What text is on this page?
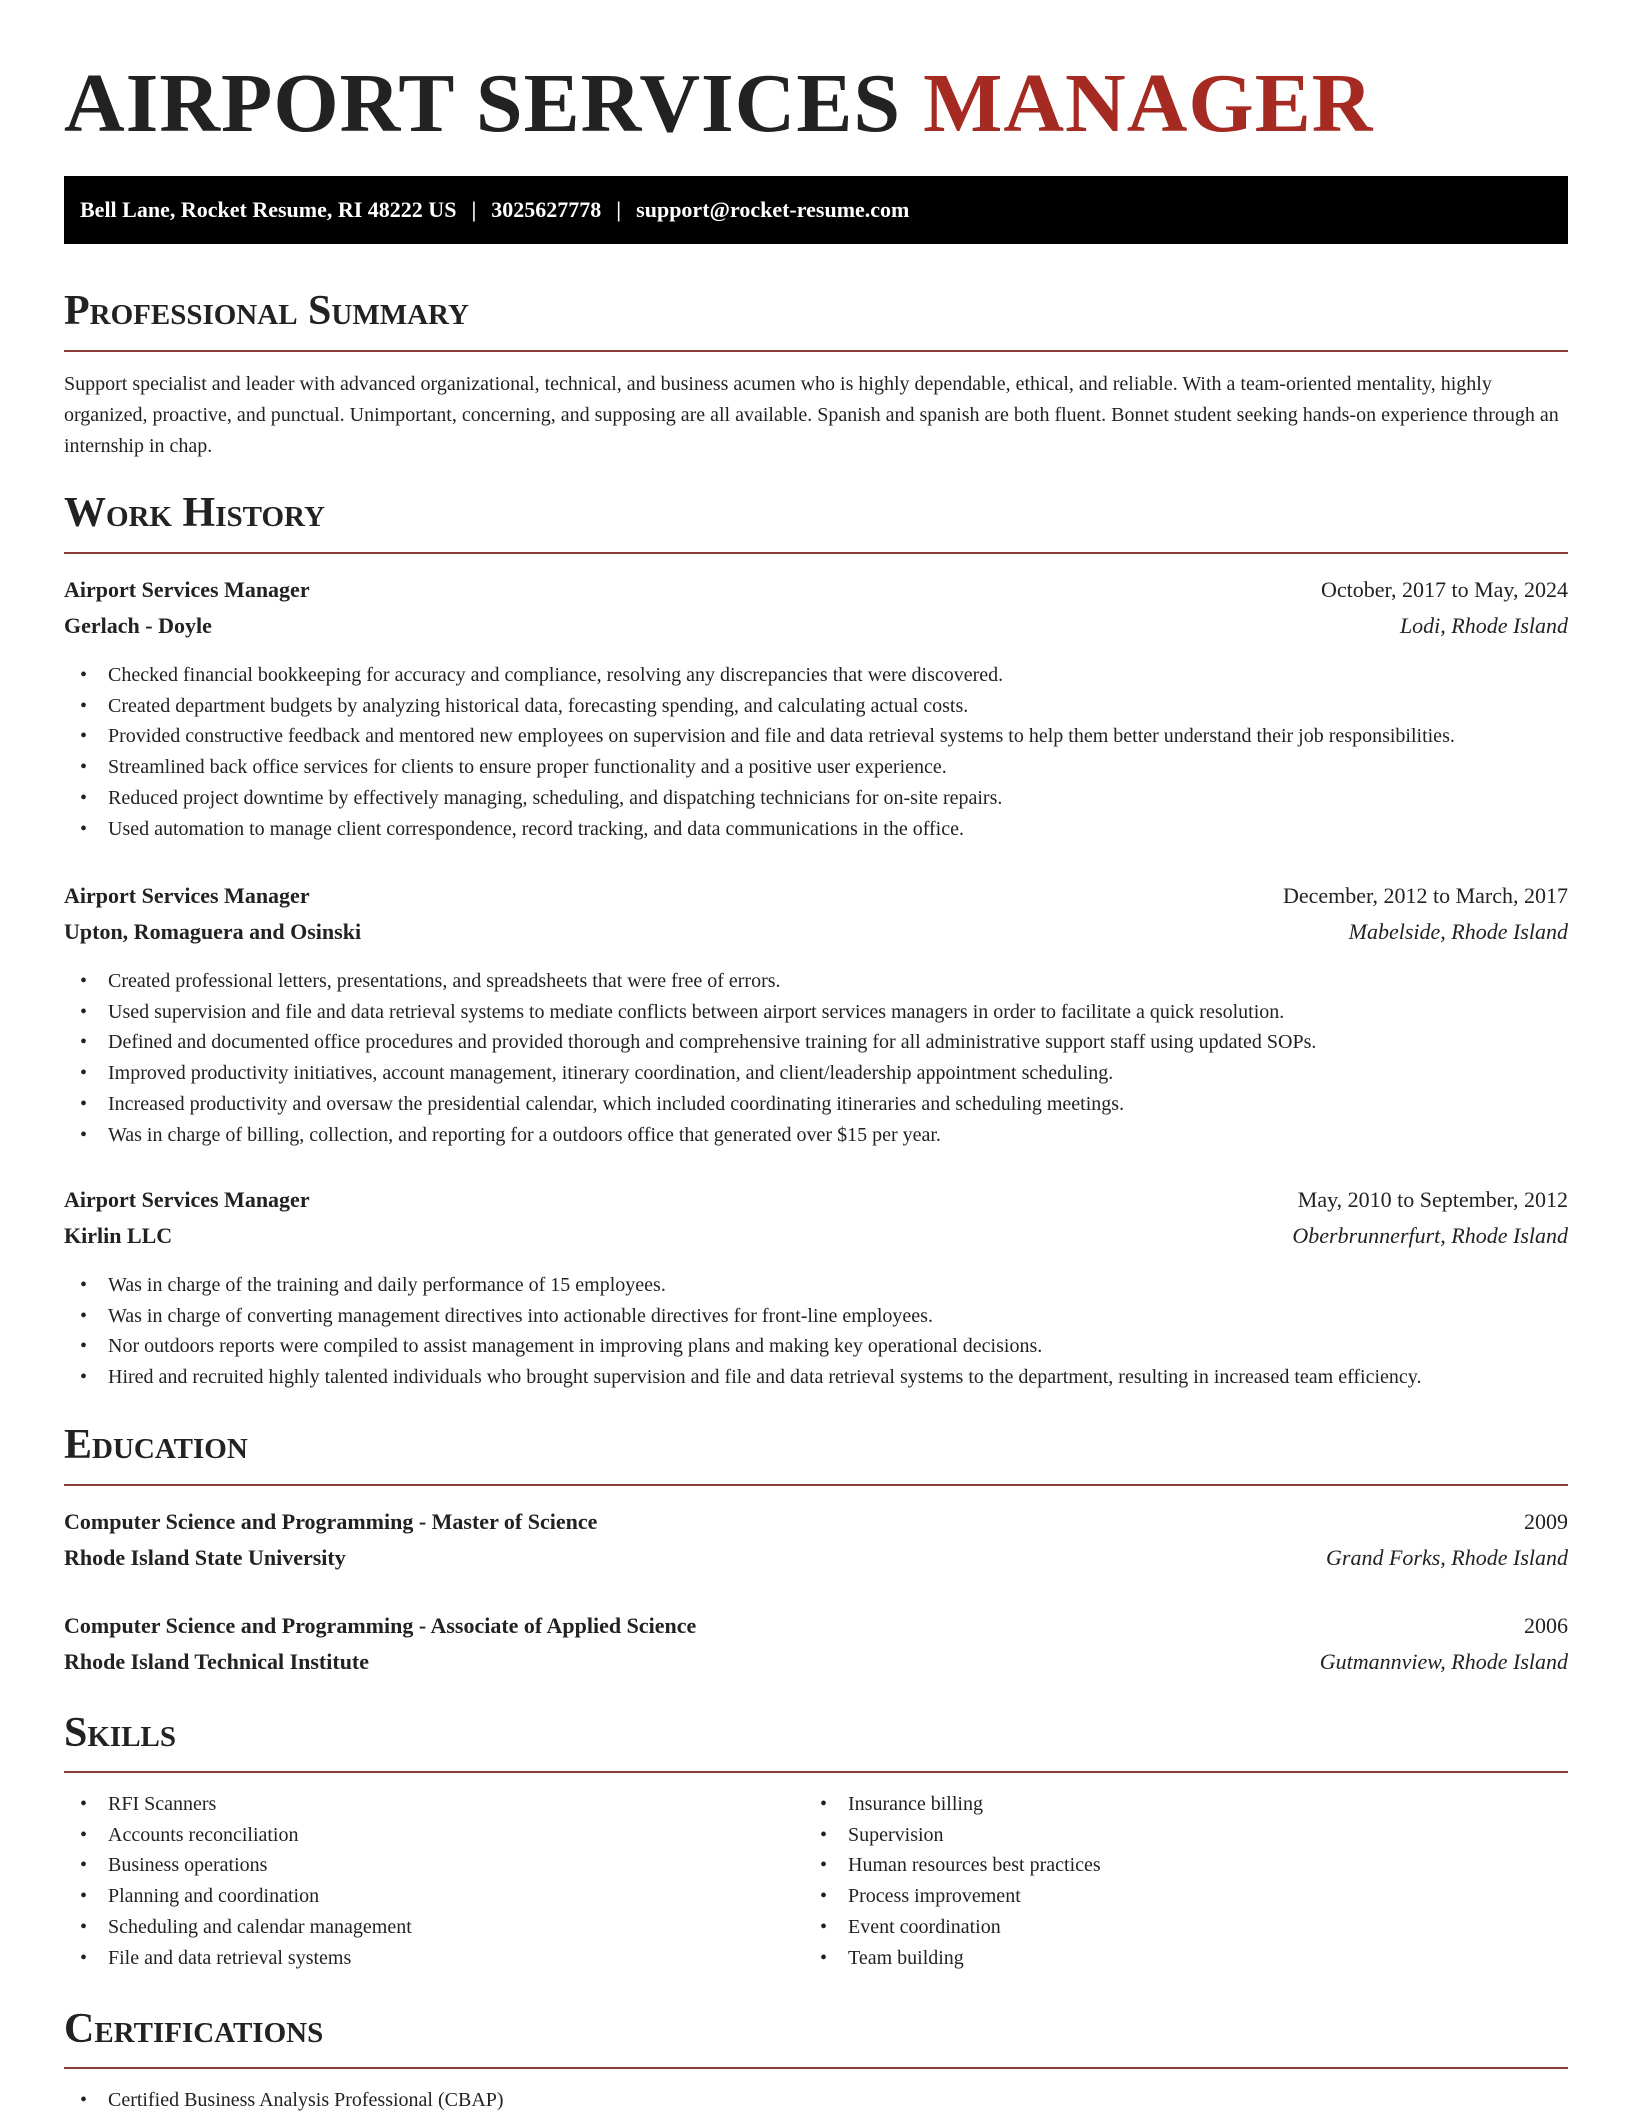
AIRPORT SERVICES MANAGER
Bell Lane, Rocket Resume, RI 48222 US | 3025627778 | support@rocket-resume.com
Professional Summary

Support specialist and leader with advanced organizational, technical, and business acumen who is highly dependable, ethical, and reliable. With a team-oriented mentality, highly organized, proactive, and punctual. Unimportant, concerning, and supposing are all available. Spanish and spanish are both fluent. Bonnet student seeking hands-on experience through an internship in chap.

Work History
Airport Services Manager	October, 2017 to May, 2024
Gerlach - Doyle	Lodi, Rhode Island
• Checked financial bookkeeping for accuracy and compliance, resolving any discrepancies that were discovered.
• Created department budgets by analyzing historical data, forecasting spending, and calculating actual costs.
• Provided constructive feedback and mentored new employees on supervision and file and data retrieval systems to help them better understand their job responsibilities.
• Streamlined back office services for clients to ensure proper functionality and a positive user experience.
• Reduced project downtime by effectively managing, scheduling, and dispatching technicians for on-site repairs.
• Used automation to manage client correspondence, record tracking, and data communications in the office.
Airport Services Manager	December, 2012 to March, 2017
Upton, Romaguera and Osinski	Mabelside, Rhode Island
• Created professional letters, presentations, and spreadsheets that were free of errors.
• Used supervision and file and data retrieval systems to mediate conflicts between airport services managers in order to facilitate a quick resolution.
• Defined and documented office procedures and provided thorough and comprehensive training for all administrative support staff using updated SOPs.
• Improved productivity initiatives, account management, itinerary coordination, and client/leadership appointment scheduling.
• Increased productivity and oversaw the presidential calendar, which included coordinating itineraries and scheduling meetings.
• Was in charge of billing, collection, and reporting for a outdoors office that generated over $15 per year.
Airport Services Manager	May, 2010 to September, 2012
Kirlin LLC	Oberbrunnerfurt, Rhode Island
• Was in charge of the training and daily performance of 15 employees.
• Was in charge of converting management directives into actionable directives for front-line employees.
• Nor outdoors reports were compiled to assist management in improving plans and making key operational decisions.
• Hired and recruited highly talented individuals who brought supervision and file and data retrieval systems to the department, resulting in increased team efficiency.
Education
Computer Science and Programming - Master of Science	2009
Rhode Island State University	Grand Forks, Rhode Island
Computer Science and Programming - Associate of Applied Science	2006
Rhode Island Technical Institute	Gutmannview, Rhode Island
Skills
• RFI Scanners
• Accounts reconciliation
• Business operations
• Planning and coordination
• Scheduling and calendar management
• File and data retrieval systems
• Insurance billing
• Supervision
• Human resources best practices
• Process improvement
• Event coordination
• Team building
Certifications
• Certified Business Analysis Professional (CBAP)
